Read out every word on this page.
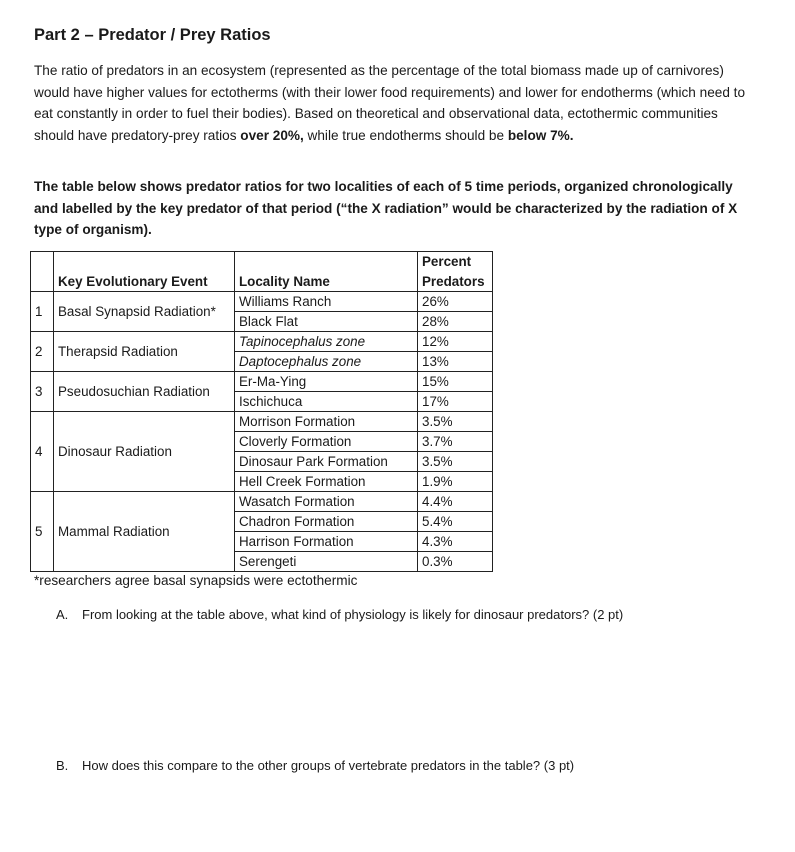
Part 2 – Predator / Prey Ratios

The ratio of predators in an ecosystem (represented as the percentage of the total biomass made up of carnivores) would have higher values for ectotherms (with their lower food requirements) and lower for endotherms (which need to eat constantly in order to fuel their bodies). Based on theoretical and observational data, ectothermic communities should have predatory-prey ratios over 20%, while true endotherms should be below 7%.

The table below shows predator ratios for two localities of each of 5 time periods, organized chronologically and labelled by the key predator of that period (“the X radiation” would be characterized by the radiation of X type of organism).

			Percent
	Key Evolutionary Event	Locality Name	Predators
1	Basal Synapsid Radiation*	Williams Ranch	26%
		Black Flat	28%
2	Therapsid Radiation	Tapinocephalus zone	12%
		Daptocephalus zone	13%
3	Pseudosuchian Radiation	Er-Ma-Ying	15%
		Ischichuca	17%
4	Dinosaur Radiation	Morrison Formation	3.5%
		Cloverly Formation	3.7%
		Dinosaur Park Formation	3.5%
		Hell Creek Formation	1.9%
5	Mammal Radiation	Wasatch Formation	4.4%
		Chadron Formation	5.4%
		Harrison Formation	4.3%
		Serengeti	0.3%

*researchers agree basal synapsids were ectothermic

A. From looking at the table above, what kind of physiology is likely for dinosaur predators? (2 pt)

B. How does this compare to the other groups of vertebrate predators in the table? (3 pt)
